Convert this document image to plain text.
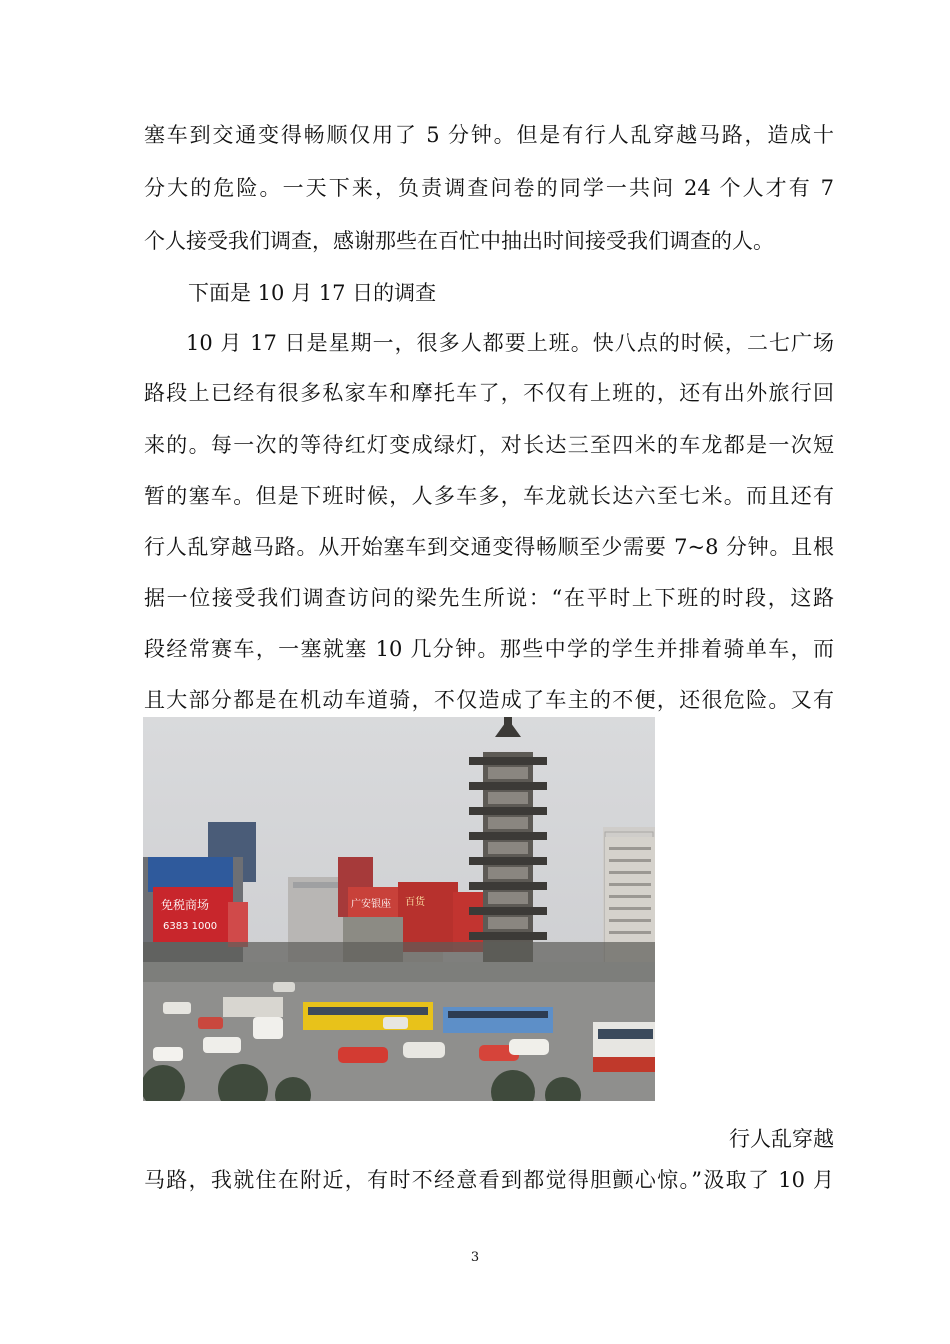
塞车到交通变得畅顺仅用了 5 分钟。但是有行人乱穿越马路，造成十
分大的危险。一天下来，负责调查问卷的同学一共问 24 个人才有 7
个人接受我们调查，感谢那些在百忙中抽出时间接受我们调查的人。
下面是 10 月 17 日的调查
10 月 17 日是星期一，很多人都要上班。快八点的时候，二七广场
路段上已经有很多私家车和摩托车了，不仅有上班的，还有出外旅行回
来的。每一次的等待红灯变成绿灯，对长达三至四米的车龙都是一次短
暂的塞车。但是下班时候，人多车多，车龙就长达六至七米。而且还有
行人乱穿越马路。从开始塞车到交通变得畅顺至少需要 7~8 分钟。且根
据一位接受我们调查访问的梁先生所说：“在平时上下班的时段，这路
段经常赛车，一塞就塞 10 几分钟。那些中学的学生并排着骑单车，而
且大部分都是在机动车道骑，不仅造成了车主的不便，还很危险。又有
免税商场
6383 1000
广安银座 百货
行人乱穿越
马路，我就住在附近，有时不经意看到都觉得胆颤心惊。”汲取了 10 月
3
